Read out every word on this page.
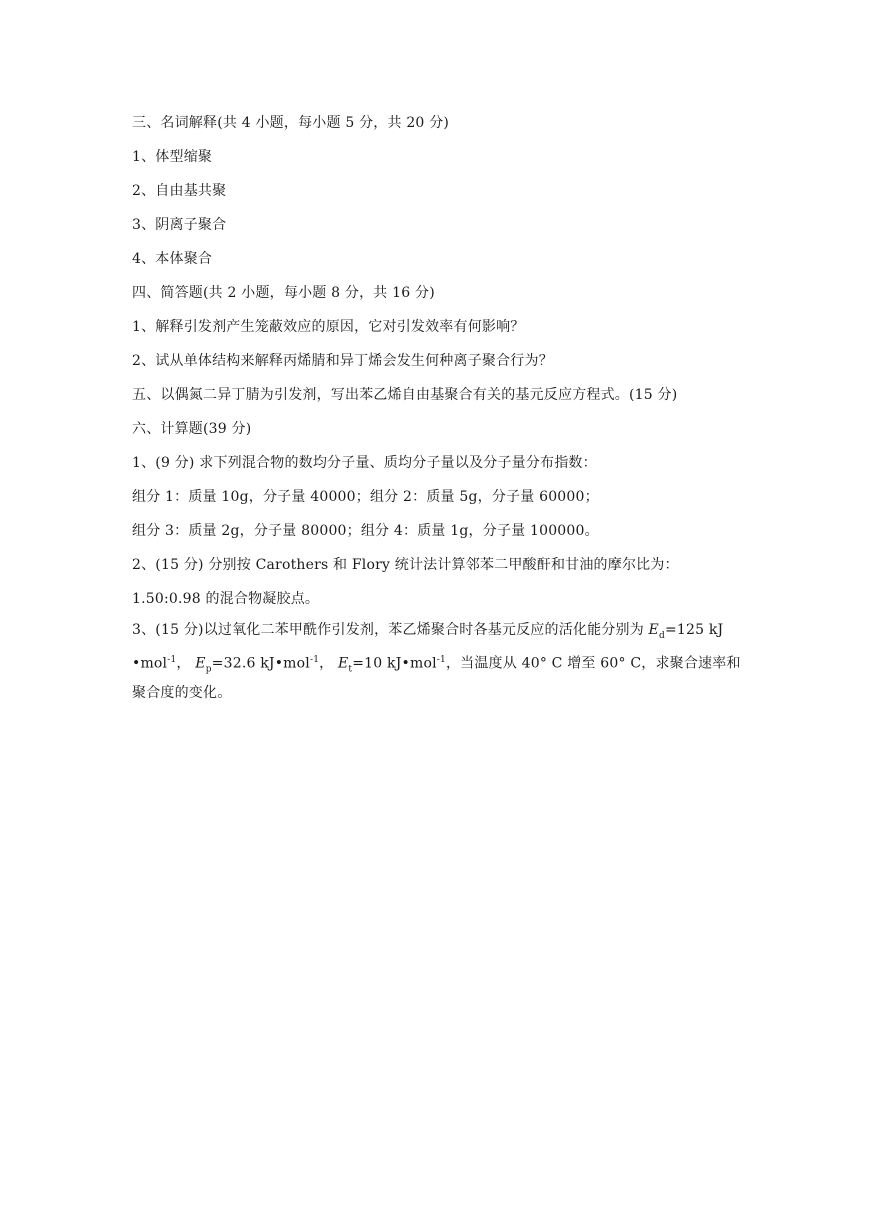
三、名词解释(共 4 小题，每小题 5 分，共 20 分)
1、体型缩聚
2、自由基共聚
3、阴离子聚合
4、本体聚合
四、简答题(共 2 小题，每小题 8 分，共 16 分)
1、解释引发剂产生笼蔽效应的原因，它对引发效率有何影响？
2、试从单体结构来解释丙烯腈和异丁烯会发生何种离子聚合行为？
五、以偶氮二异丁腈为引发剂，写出苯乙烯自由基聚合有关的基元反应方程式。(15 分)
六、计算题(39 分)
1、(9 分) 求下列混合物的数均分子量、质均分子量以及分子量分布指数：
组分 1：质量 10g，分子量 40000；组分 2：质量 5g，分子量 60000；
组分 3：质量 2g，分子量 80000；组分 4：质量 1g，分子量 100000。
2、(15 分) 分别按 Carothers 和 Flory 统计法计算邻苯二甲酸酐和甘油的摩尔比为：
1.50:0.98 的混合物凝胶点。
3、(15 分)以过氧化二苯甲酰作引发剂，苯乙烯聚合时各基元反应的活化能分别为 $E_d=125$ kJ
•mol$^{-1}$， $E_p=32.6$ kJ•mol$^{-1}$， $E_t=10$ kJ•mol$^{-1}$，当温度从 40° C 增至 60° C，求聚合速率和聚合度的变化。
